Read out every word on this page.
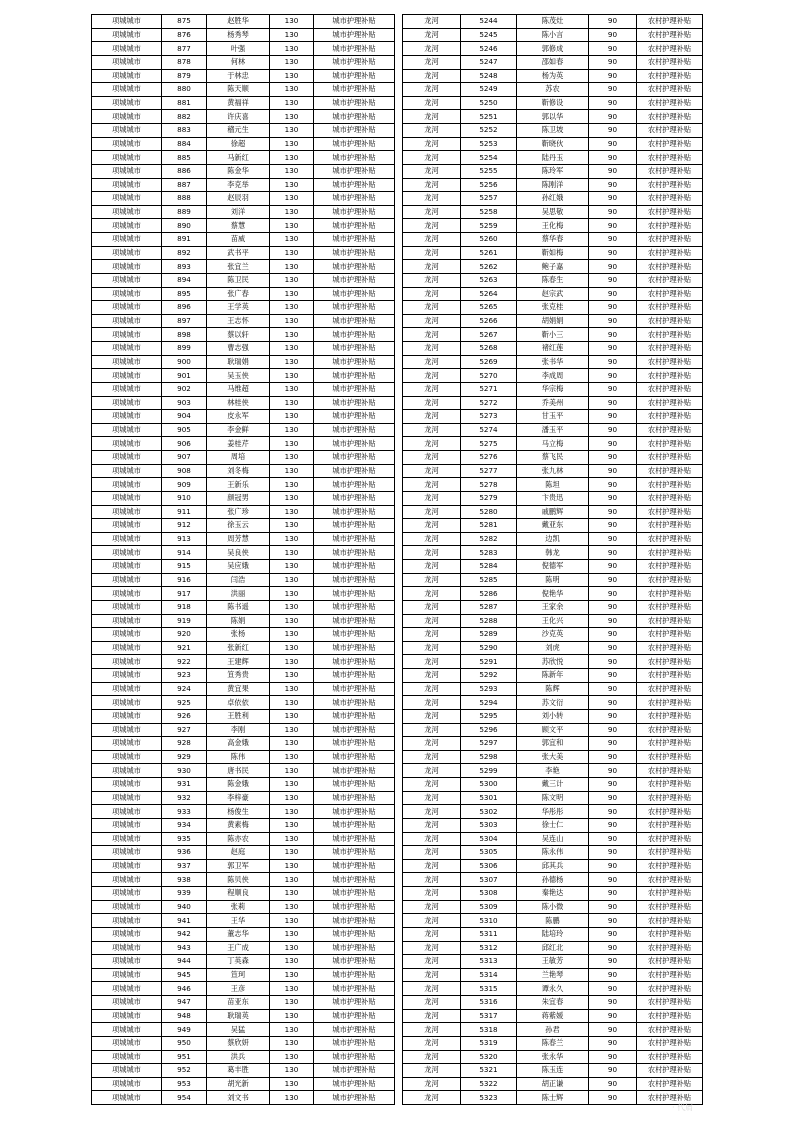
项城城市	875	赵胜华	130	城市护理补贴
项城城市	876	杨秀琴	130	城市护理补贴
项城城市	877	叶强	130	城市护理补贴
项城城市	878	何林	130	城市护理补贴
项城城市	879	于林忠	130	城市护理补贴
项城城市	880	陈天顺	130	城市护理补贴
项城城市	881	黄福祥	130	城市护理补贴
项城城市	882	许庆喜	130	城市护理补贴
项城城市	883	稽元生	130	城市护理补贴
项城城市	884	徐超	130	城市护理补贴
项城城市	885	马新红	130	城市护理补贴
项城城市	886	陈金华	130	城市护理补贴
项城城市	887	李克举	130	城市护理补贴
项城城市	888	赵辰羽	130	城市护理补贴
项城城市	889	刘洋	130	城市护理补贴
项城城市	890	蔡慧	130	城市护理补贴
项城城市	891	苗威	130	城市护理补贴
项城城市	892	武书平	130	城市护理补贴
项城城市	893	张宜兰	130	城市护理补贴
项城城市	894	陈卫民	130	城市护理补贴
项城城市	895	张广春	130	城市护理补贴
项城城市	896	王学英	130	城市护理补贴
项城城市	897	王志怀	130	城市护理补贴
项城城市	898	蔡以轩	130	城市护理补贴
项城城市	899	曹志强	130	城市护理补贴
项城城市	900	耿瑞娟	130	城市护理补贴
项城城市	901	吴玉侠	130	城市护理补贴
项城城市	902	马维超	130	城市护理补贴
项城城市	903	林桂侠	130	城市护理补贴
项城城市	904	皮永军	130	城市护理补贴
项城城市	905	李金鲜	130	城市护理补贴
项城城市	906	姜桂芹	130	城市护理补贴
项城城市	907	周培	130	城市护理补贴
项城城市	908	刘冬梅	130	城市护理补贴
项城城市	909	王新乐	130	城市护理补贴
项城城市	910	颜冠男	130	城市护理补贴
项城城市	911	张广珍	130	城市护理补贴
项城城市	912	徐玉云	130	城市护理补贴
项城城市	913	周芳慧	130	城市护理补贴
项城城市	914	吴良侠	130	城市护理补贴
项城城市	915	吴应娥	130	城市护理补贴
项城城市	916	闫浩	130	城市护理补贴
项城城市	917	洪丽	130	城市护理补贴
项城城市	918	陈书遥	130	城市护理补贴
项城城市	919	陈娟	130	城市护理补贴
项城城市	920	张杨	130	城市护理补贴
项城城市	921	张新红	130	城市护理补贴
项城城市	922	王建辉	130	城市护理补贴
项城城市	923	笪秀贵	130	城市护理补贴
项城城市	924	黄宜果	130	城市护理补贴
项城城市	925	卓依依	130	城市护理补贴
项城城市	926	王胜利	130	城市护理补贴
项城城市	927	李刚	130	城市护理补贴
项城城市	928	高金娥	130	城市护理补贴
项城城市	929	陈伟	130	城市护理补贴
项城城市	930	唐书民	130	城市护理补贴
项城城市	931	陈金娥	130	城市护理补贴
项城城市	932	李梓豪	130	城市护理补贴
项城城市	933	杨俊生	130	城市护理补贴
项城城市	934	黄素梅	130	城市护理补贴
项城城市	935	陈亦农	130	城市护理补贴
项城城市	936	赵庭	130	城市护理补贴
项城城市	937	郭卫军	130	城市护理补贴
项城城市	938	陈贝侠	130	城市护理补贴
项城城市	939	程顺良	130	城市护理补贴
项城城市	940	张莉	130	城市护理补贴
项城城市	941	王华	130	城市护理补贴
项城城市	942	董志华	130	城市护理补贴
项城城市	943	王广成	130	城市护理补贴
项城城市	944	丁英森	130	城市护理补贴
项城城市	945	笪珂	130	城市护理补贴
项城城市	946	王彦	130	城市护理补贴
项城城市	947	苗亚东	130	城市护理补贴
项城城市	948	耿瑞英	130	城市护理补贴
项城城市	949	吴猛	130	城市护理补贴
项城城市	950	蔡欣妍	130	城市护理补贴
项城城市	951	洪兵	130	城市护理补贴
项城城市	952	葛丰胜	130	城市护理补贴
项城城市	953	胡光新	130	城市护理补贴
项城城市	954	刘文书	130	城市护理补贴
龙河	5244	陈茂灶	90	农村护理补贴
龙河	5245	陈小言	90	农村护理补贴
龙河	5246	郭修成	90	农村护理补贴
龙河	5247	邵如春	90	农村护理补贴
龙河	5248	杨为英	90	农村护理补贴
龙河	5249	苏农	90	农村护理补贴
龙河	5250	靳修设	90	农村护理补贴
龙河	5251	郭以华	90	农村护理补贴
龙河	5252	陈卫坡	90	农村护理补贴
龙河	5253	靳晓伙	90	农村护理补贴
龙河	5254	陆丹玉	90	农村护理补贴
龙河	5255	陈玲军	90	农村护理补贴
龙河	5256	陈刚洋	90	农村护理补贴
龙河	5257	孙红娥	90	农村护理补贴
龙河	5258	吴思敬	90	农村护理补贴
龙河	5259	王化梅	90	农村护理补贴
龙河	5260	蔡华春	90	农村护理补贴
龙河	5261	靳如梅	90	农村护理补贴
龙河	5262	鲍子嘉	90	农村护理补贴
龙河	5263	陈春生	90	农村护理补贴
龙河	5264	赵宗武	90	农村护理补贴
龙河	5265	张克桂	90	农村护理补贴
龙河	5266	胡娟娟	90	农村护理补贴
龙河	5267	靳小三	90	农村护理补贴
龙河	5268	褚红莲	90	农村护理补贴
龙河	5269	张书华	90	农村护理补贴
龙河	5270	李成周	90	农村护理补贴
龙河	5271	华宗梅	90	农村护理补贴
龙河	5272	乔美州	90	农村护理补贴
龙河	5273	甘玉平	90	农村护理补贴
龙河	5274	潘玉平	90	农村护理补贴
龙河	5275	马立梅	90	农村护理补贴
龙河	5276	蔡飞民	90	农村护理补贴
龙河	5277	张九林	90	农村护理补贴
龙河	5278	陈坦	90	农村护理补贴
龙河	5279	卞贵迅	90	农村护理补贴
龙河	5280	戚鹏辉	90	农村护理补贴
龙河	5281	戴亚东	90	农村护理补贴
龙河	5282	边凯	90	农村护理补贴
龙河	5283	韩龙	90	农村护理补贴
龙河	5284	倪德军	90	农村护理补贴
龙河	5285	陈明	90	农村护理补贴
龙河	5286	倪艳华	90	农村护理补贴
龙河	5287	王家余	90	农村护理补贴
龙河	5288	王化兴	90	农村护理补贴
龙河	5289	沙克英	90	农村护理补贴
龙河	5290	刘虎	90	农村护理补贴
龙河	5291	苏欣悦	90	农村护理补贴
龙河	5292	陈新年	90	农村护理补贴
龙河	5293	陈辉	90	农村护理补贴
龙河	5294	苏文衍	90	农村护理补贴
龙河	5295	刘小转	90	农村护理补贴
龙河	5296	顾文平	90	农村护理补贴
龙河	5297	郭宜和	90	农村护理补贴
龙河	5298	张大美	90	农村护理补贴
龙河	5299	李艳	90	农村护理补贴
龙河	5300	戴三计	90	农村护理补贴
龙河	5301	陈文明	90	农村护理补贴
龙河	5302	华彤彤	90	农村护理补贴
龙河	5303	徐士仁	90	农村护理补贴
龙河	5304	吴连山	90	农村护理补贴
龙河	5305	陈永伟	90	农村护理补贴
龙河	5306	邱其兵	90	农村护理补贴
龙河	5307	孙德杨	90	农村护理补贴
龙河	5308	秦艳达	90	农村护理补贴
龙河	5309	陈小微	90	农村护理补贴
龙河	5310	陈鹏	90	农村护理补贴
龙河	5311	陆培玲	90	农村护理补贴
龙河	5312	邱红北	90	农村护理补贴
龙河	5313	王敏芳	90	农村护理补贴
龙河	5314	兰艳琴	90	农村护理补贴
龙河	5315	谭永久	90	农村护理补贴
龙河	5316	朱宜春	90	农村护理补贴
龙河	5317	蒋紫媛	90	农村护理补贴
龙河	5318	孙君	90	农村护理补贴
龙河	5319	陈春兰	90	农村护理补贴
龙河	5320	张永华	90	农村护理补贴
龙河	5321	陈玉连	90	农村护理补贴
龙河	5322	胡正谦	90	农村护理补贴
龙河	5323	陈士辉	90	农村护理补贴
· 代屑
